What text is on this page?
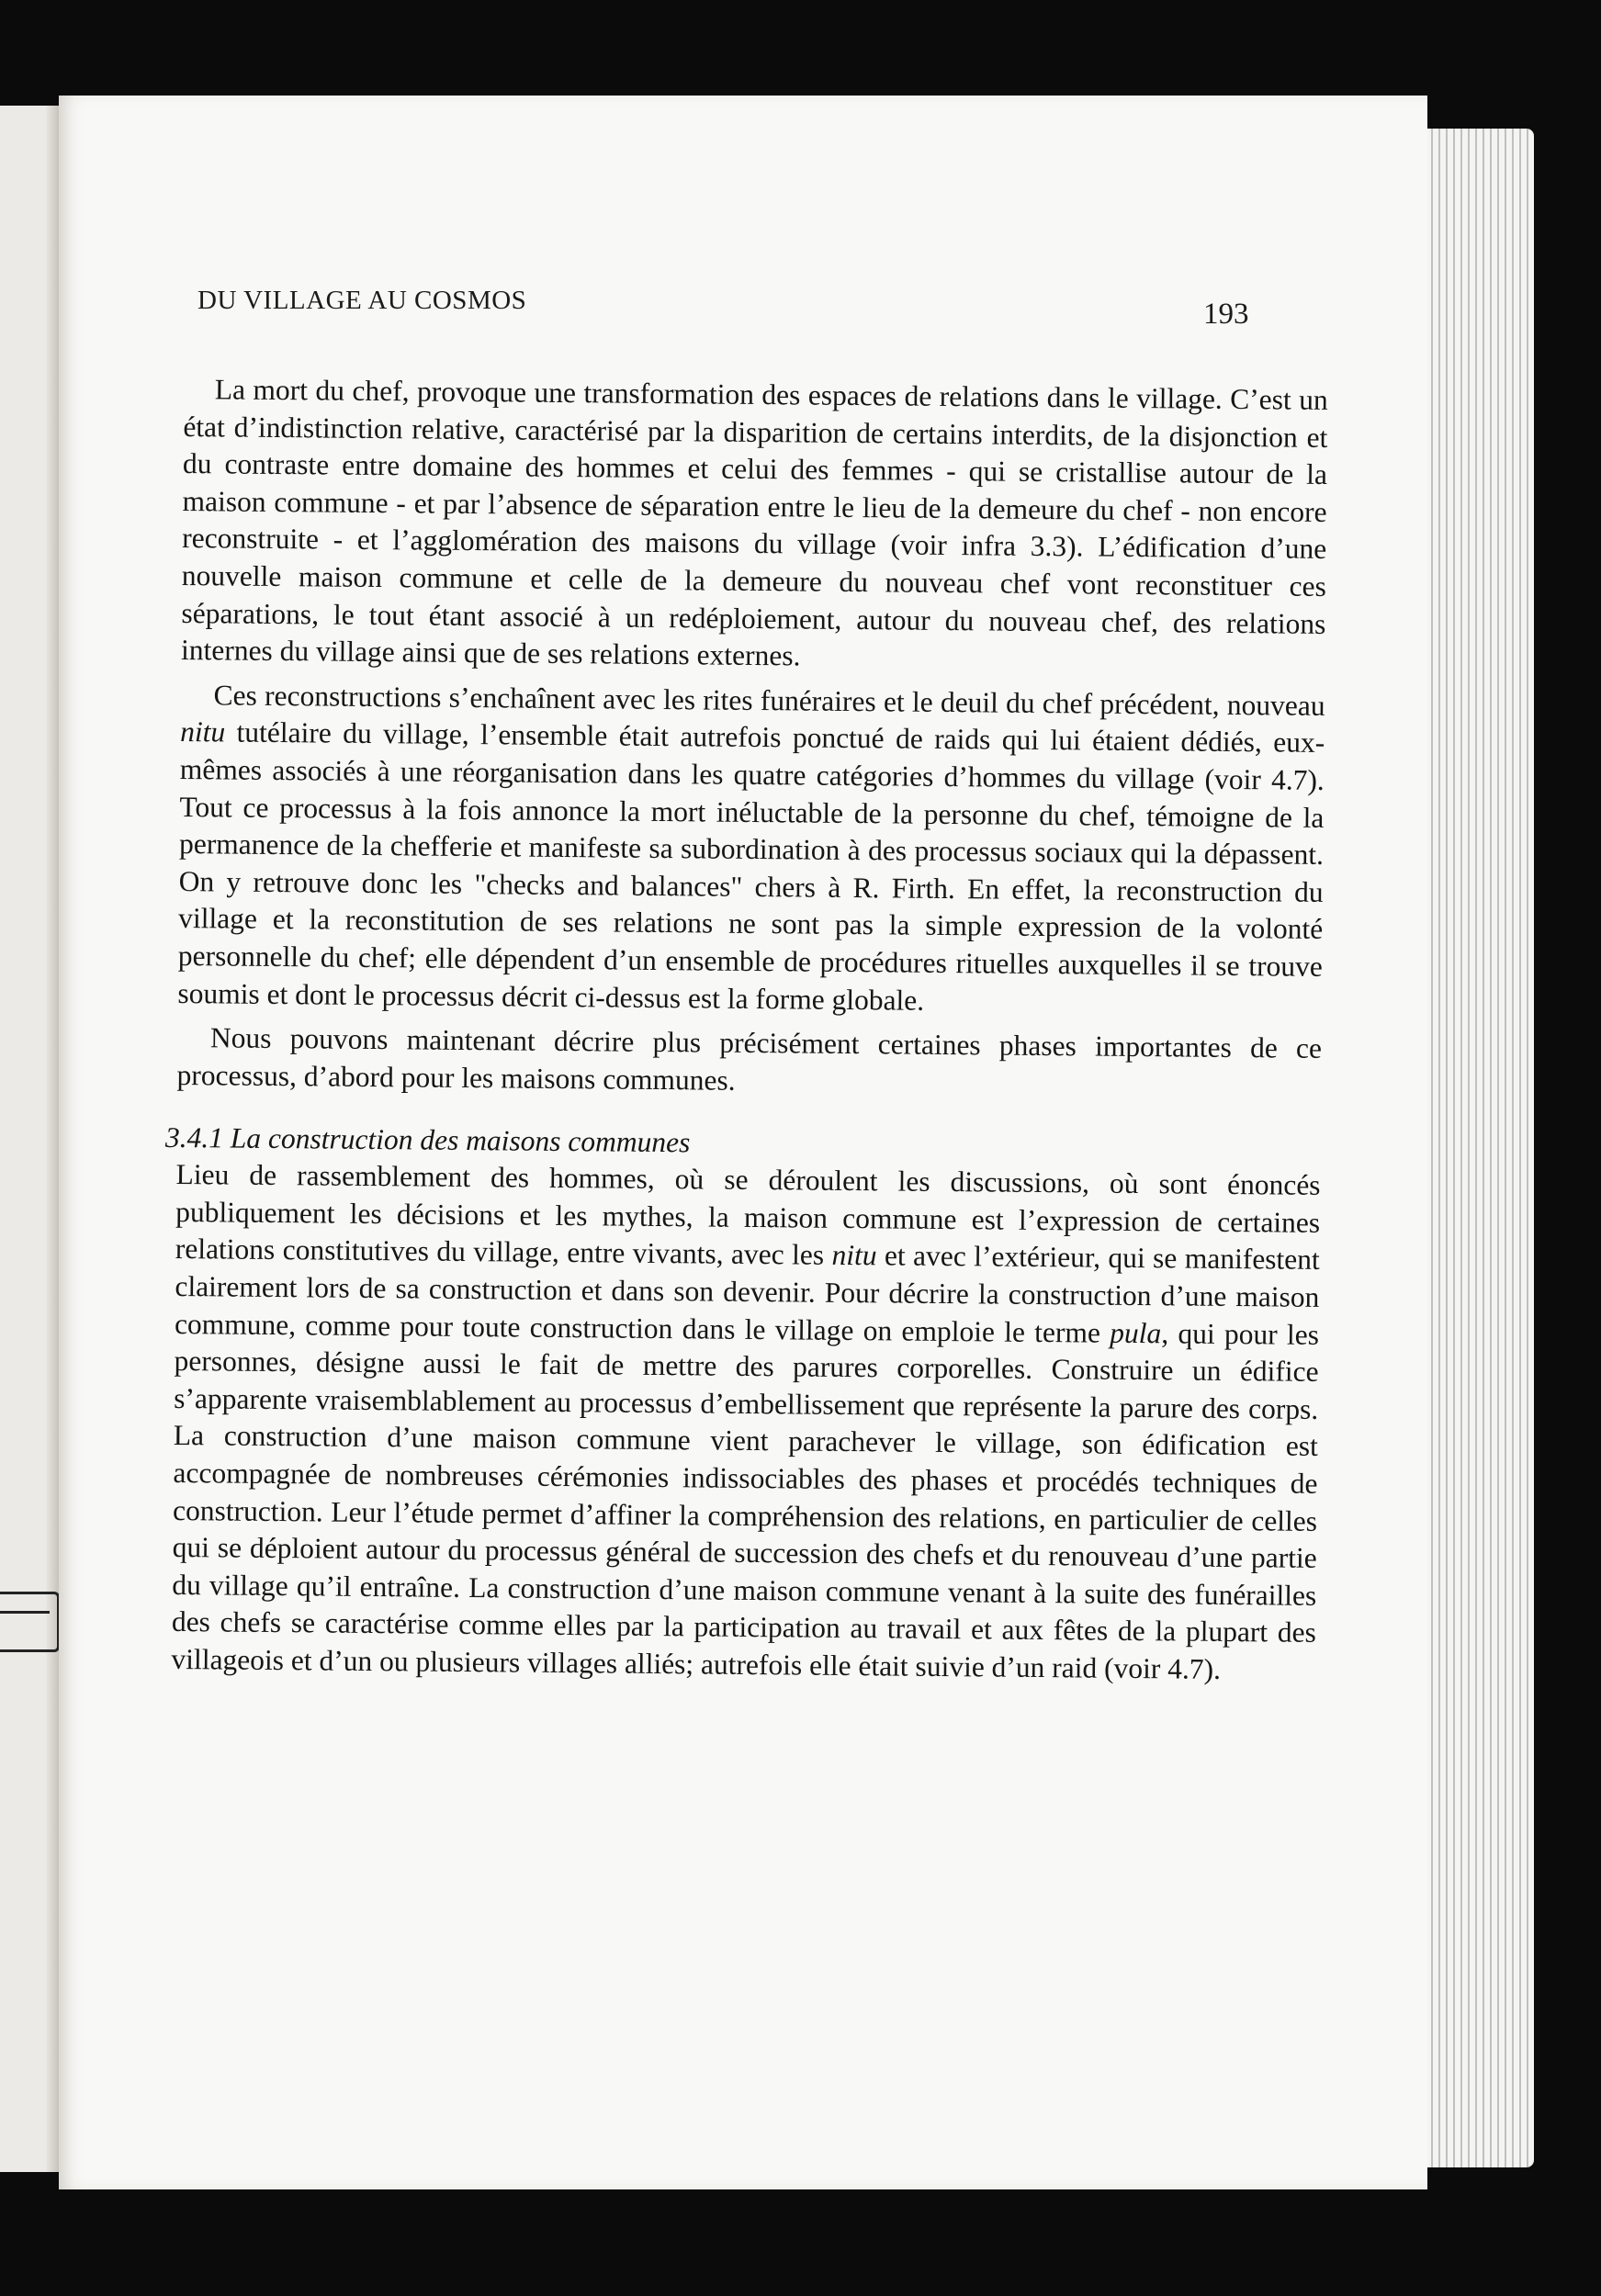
DU VILLAGE AU COSMOS	193

La mort du chef, provoque une transformation des espaces de relations dans le village. C’est un état d’indistinction relative, caractérisé par la disparition de certains interdits, de la disjonction et du contraste entre domaine des hommes et celui des femmes - qui se cristallise autour de la maison commune - et par l’absence de séparation entre le lieu de la demeure du chef - non encore reconstruite - et l’agglomération des maisons du village (voir infra 3.3). L’édification d’une nouvelle maison commune et celle de la demeure du nouveau chef vont reconstituer ces séparations, le tout étant associé à un redéploiement, autour du nouveau chef, des relations internes du village ainsi que de ses relations externes.

Ces reconstructions s’enchaînent avec les rites funéraires et le deuil du chef précédent, nouveau nitu tutélaire du village, l’ensemble était autrefois ponctué de raids qui lui étaient dédiés, eux-mêmes associés à une réorganisation dans les quatre catégories d’hommes du village (voir 4.7). Tout ce processus à la fois annonce la mort inéluctable de la personne du chef, témoigne de la permanence de la chefferie et manifeste sa subordination à des processus sociaux qui la dépassent. On y retrouve donc les "checks and balances" chers à R. Firth. En effet, la reconstruction du village et la reconstitution de ses relations ne sont pas la simple expression de la volonté personnelle du chef; elle dépendent d’un ensemble de procédures rituelles auxquelles il se trouve soumis et dont le processus décrit ci-dessus est la forme globale.

Nous pouvons maintenant décrire plus précisément certaines phases importantes de ce processus, d’abord pour les maisons communes.

3.4.1 La construction des maisons communes

Lieu de rassemblement des hommes, où se déroulent les discussions, où sont énoncés publiquement les décisions et les mythes, la maison commune est l’expression de certaines relations constitutives du village, entre vivants, avec les nitu et avec l’extérieur, qui se manifestent clairement lors de sa construction et dans son devenir. Pour décrire la construction d’une maison commune, comme pour toute construction dans le village on emploie le terme pula, qui pour les personnes, désigne aussi le fait de mettre des parures corporelles. Construire un édifice s’apparente vraisemblablement au processus d’embellissement que représente la parure des corps. La construction d’une maison commune vient parachever le village, son édification est accompagnée de nombreuses cérémonies indissociables des phases et procédés techniques de construction. Leur l’étude permet d’affiner la compréhension des relations, en particulier de celles qui se déploient autour du processus général de succession des chefs et du renouveau d’une partie du village qu’il entraîne. La construction d’une maison commune venant à la suite des funérailles des chefs se caractérise comme elles par la participation au travail et aux fêtes de la plupart des villageois et d’un ou plusieurs villages alliés; autrefois elle était suivie d’un raid (voir 4.7).
